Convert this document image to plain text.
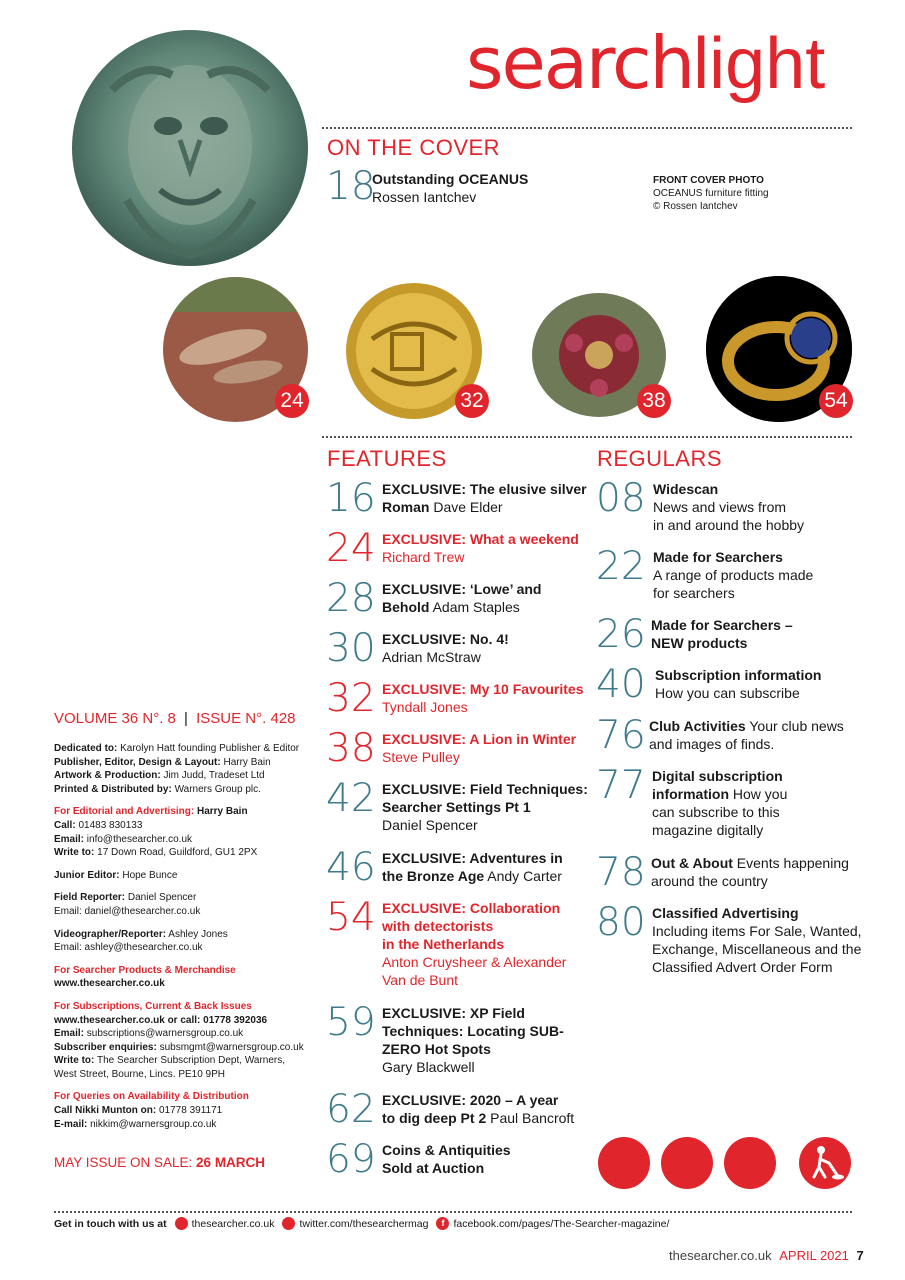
searchlight
ON THE COVER
18
Outstanding OCEANUS
Rossen Iantchev
FRONT COVER PHOTO
OCEANUS furniture fitting
© Rossen Iantchev
24	32	38	54
FEATURES
16 EXCLUSIVE: The elusive silver
Roman Dave Elder
24 EXCLUSIVE: What a weekend
Richard Trew
28 EXCLUSIVE: ‘Lowe’ and
Behold Adam Staples
30 EXCLUSIVE: No. 4!
Adrian McStraw
32 EXCLUSIVE: My 10 Favourites
Tyndall Jones
38 EXCLUSIVE: A Lion in Winter
Steve Pulley
42 EXCLUSIVE: Field Techniques:
Searcher Settings Pt 1
Daniel Spencer
46 EXCLUSIVE: Adventures in
the Bronze Age Andy Carter
54 EXCLUSIVE: Collaboration
with detectorists
in the Netherlands
Anton Cruysheer & Alexander
Van de Bunt
59 EXCLUSIVE: XP Field
Techniques: Locating SUB-
ZERO Hot Spots
Gary Blackwell
62 EXCLUSIVE: 2020 – A year
to dig deep Pt 2 Paul Bancroft
69 Coins & Antiquities
Sold at Auction
REGULARS
08 Widescan
News and views from
in and around the hobby
22 Made for Searchers
A range of products made
for searchers
26 Made for Searchers –
NEW products
40 Subscription information
How you can subscribe
76 Club Activities Your club news
and images of finds.
77 Digital subscription
information How you
can subscribe to this
magazine digitally
78 Out & About Events happening
around the country
80 Classified Advertising
Including items For Sale, Wanted,
Exchange, Miscellaneous and the
Classified Advert Order Form
VOLUME 36 N°. 8 | ISSUE N°. 428
Dedicated to: Karolyn Hatt founding Publisher & Editor
Publisher, Editor, Design & Layout: Harry Bain
Artwork & Production: Jim Judd, Tradeset Ltd
Printed & Distributed by: Warners Group plc.
For Editorial and Advertising: Harry Bain
Call: 01483 830133
Email: info@thesearcher.co.uk
Write to: 17 Down Road, Guildford, GU1 2PX
Junior Editor: Hope Bunce
Field Reporter: Daniel Spencer
Email: daniel@thesearcher.co.uk
Videographer/Reporter: Ashley Jones
Email: ashley@thesearcher.co.uk
For Searcher Products & Merchandise
www.thesearcher.co.uk
For Subscriptions, Current & Back Issues
www.thesearcher.co.uk or call: 01778 392036
Email: subscriptions@warnersgroup.co.uk
Subscriber enquiries: subsmgmt@warnersgroup.co.uk
Write to: The Searcher Subscription Dept, Warners,
West Street, Bourne, Lincs. PE10 9PH
For Queries on Availability & Distribution
Call Nikki Munton on: 01778 391171
E-mail: nikkim@warnersgroup.co.uk
MAY ISSUE ON SALE: 26 MARCH
Get in touch with us at thesearcher.co.uk twitter.com/thesearchermag	f facebook.com/pages/The-Searcher-magazine/
thesearcher.co.uk APRIL 2021 7
